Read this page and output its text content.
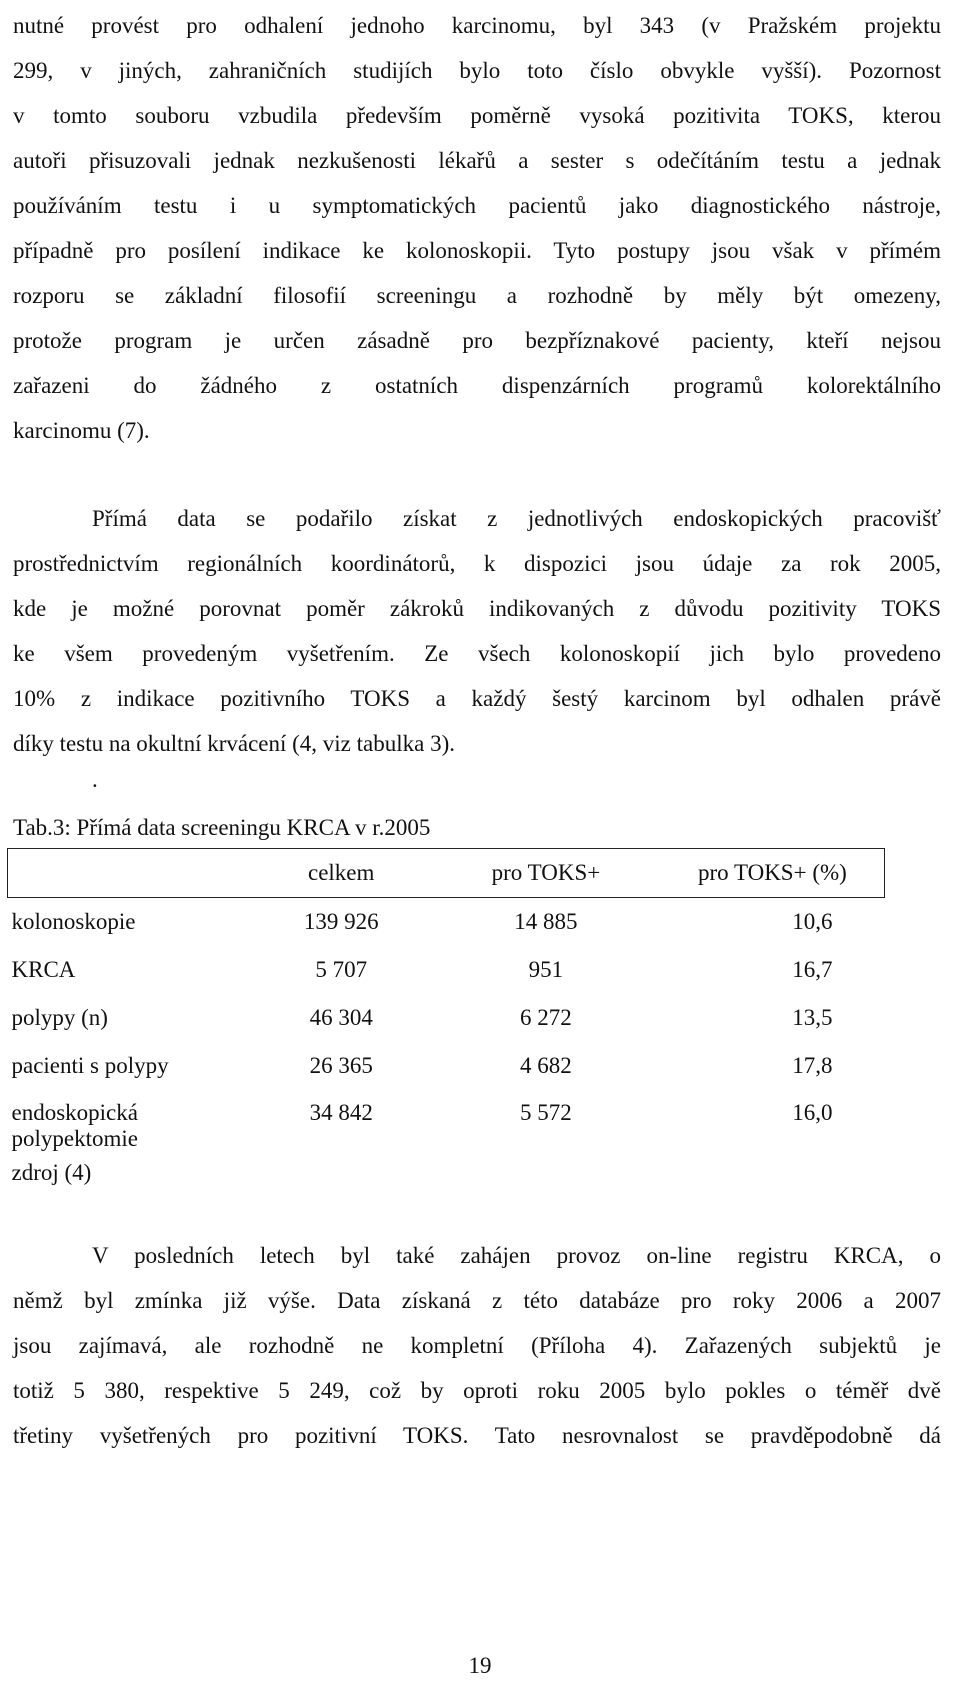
nutné provést pro odhalení jednoho karcinomu, byl 343 (v Pražském projektu
299, v jiných, zahraničních studijích bylo toto číslo obvykle vyšší). Pozornost
v tomto souboru vzbudila především poměrně vysoká pozitivita TOKS, kterou
autoři přisuzovali jednak nezkušenosti lékařů a sester s odečítáním testu a jednak
používáním testu i u symptomatických pacientů jako diagnostického nástroje,
případně pro posílení indikace ke kolonoskopii. Tyto postupy jsou však v přímém
rozporu se základní filosofií screeningu a rozhodně by měly být omezeny,
protože program je určen zásadně pro bezpříznakové pacienty, kteří nejsou
zařazeni do žádného z ostatních dispenzárních programů kolorektálního
karcinomu (7).
Přímá data se podařilo získat z jednotlivých endoskopických pracovišť
prostřednictvím regionálních koordinátorů, k dispozici jsou údaje za rok 2005,
kde je možné porovnat poměr zákroků indikovaných z důvodu pozitivity TOKS
ke všem provedeným vyšetřením. Ze všech kolonoskopií jich bylo provedeno
10% z indikace pozitivního TOKS a každý šestý karcinom byl odhalen právě
díky testu na okultní krvácení (4, viz tabulka 3).
.
Tab.3: Přímá data screeningu KRCA v r.2005
	celkem	pro TOKS+	pro TOKS+ (%)
kolonoskopie	139 926	14 885	10,6
KRCA	5 707	951	16,7
polypy (n)	46 304	6 272	13,5
pacienti s polypy	26 365	4 682	17,8

endoskopická
polypektomie	34 842	5 572	16,0
zdroj (4)			
V posledních letech byl také zahájen provoz on-line registru KRCA, o
němž byl zmínka již výše. Data získaná z této databáze pro roky 2006 a 2007
jsou zajímavá, ale rozhodně ne kompletní (Příloha 4). Zařazených subjektů je
totiž 5 380, respektive 5 249, což by oproti roku 2005 bylo pokles o téměř dvě
třetiny vyšetřených pro pozitivní TOKS. Tato nesrovnalost se pravděpodobně dá
19
